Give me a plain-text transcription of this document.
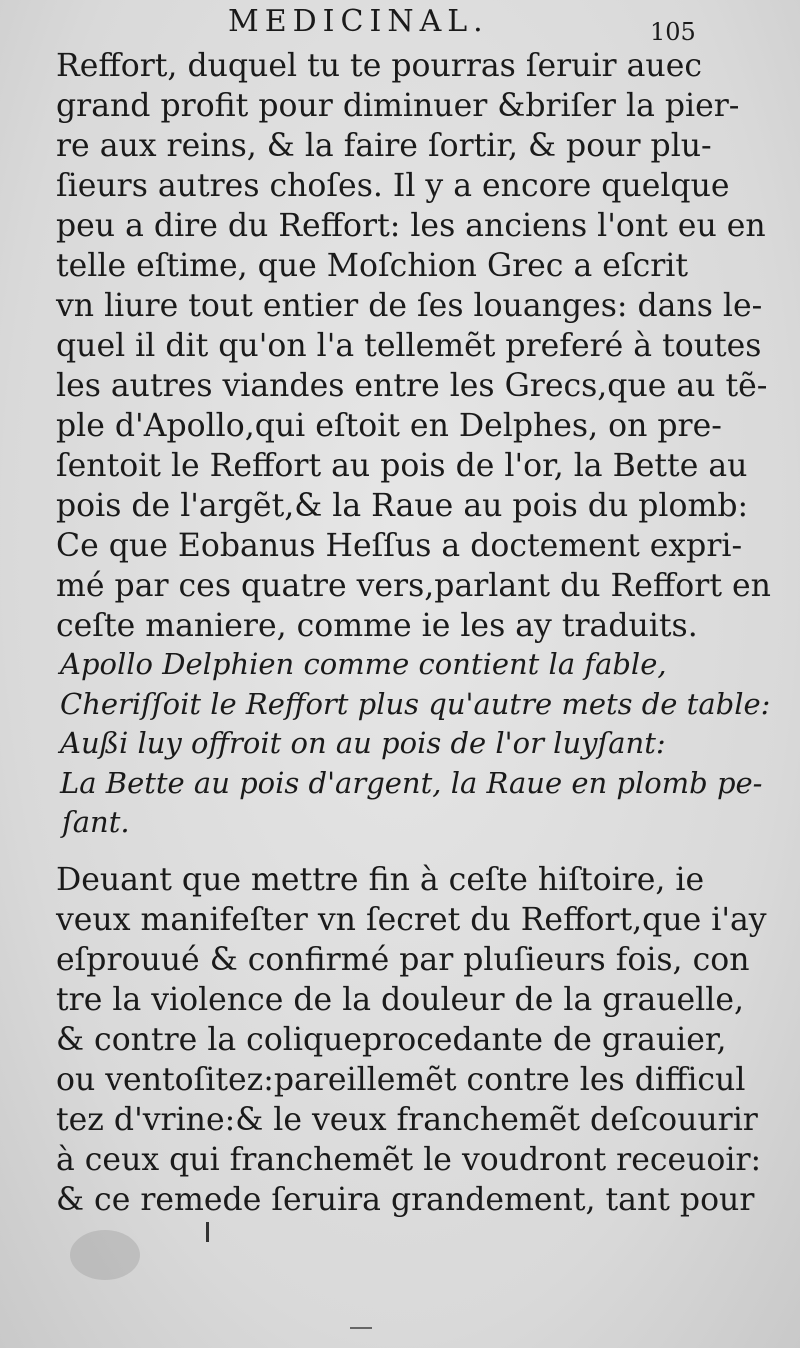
MEDICINAL.	105
Reffort, duquel tu te pourras ſeruir auec
grand profit pour diminuer &briſer la pier-
re aux reins, & la faire ſortir, & pour plu-
ſieurs autres choſes. Il y a encore quelque
peu a dire du Reffort: les anciens l'ont eu en
telle eſtime, que Moſchion Grec a eſcrit
vn liure tout entier de ſes louanges: dans le-
quel il dit qu'on l'a tellemẽt preferé à toutes
les autres viandes entre les Grecs,que au tẽ-
ple d'Apollo,qui eſtoit en Delphes, on pre-
ſentoit le Reffort au pois de l'or, la Bette au
pois de l'argẽt,& la Raue au pois du plomb:
Ce que Eobanus Heſſus a doctement expri-
mé par ces quatre vers,parlant du Reffort en
ceſte maniere, comme ie les ay traduits.
Apollo Delphien comme contient la fable,
Cheriſſoit le Reffort plus qu'autre mets de table:
Außi luy offroit on au pois de l'or luyſant:
La Bette au pois d'argent, la Raue en plomb pe-
ſant.
Deuant que mettre fin à ceſte hiſtoire, ie
veux manifeſter vn ſecret du Reffort,que i'ay
eſprouué & confirmé par pluſieurs fois, con
tre la violence de la douleur de la grauelle,
& contre la coliqueprocedante de grauier,
ou ventoſitez:pareillemẽt contre les difficul
tez d'vrine:& le veux franchemẽt deſcouurir
à ceux qui franchemẽt le voudront receuoir:
& ce remede ſeruira grandement, tant pour
